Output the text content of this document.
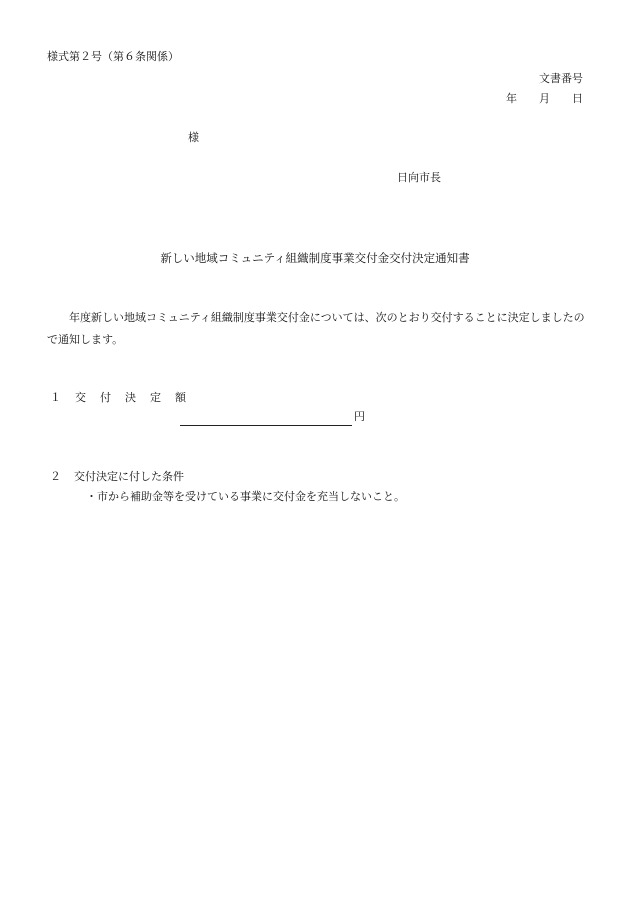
様式第２号（第６条関係）
文書番号
年 月 日
様
日向市長
新しい地域コミュニティ組織制度事業交付金交付決定通知書
年度新しい地域コミュニティ組織制度事業交付金については、次のとおり交付することに決定しましたので通知します。
１ 交 付 決 定 額
円
２ 交付決定に付した条件
・市から補助金等を受けている事業に交付金を充当しないこと。
